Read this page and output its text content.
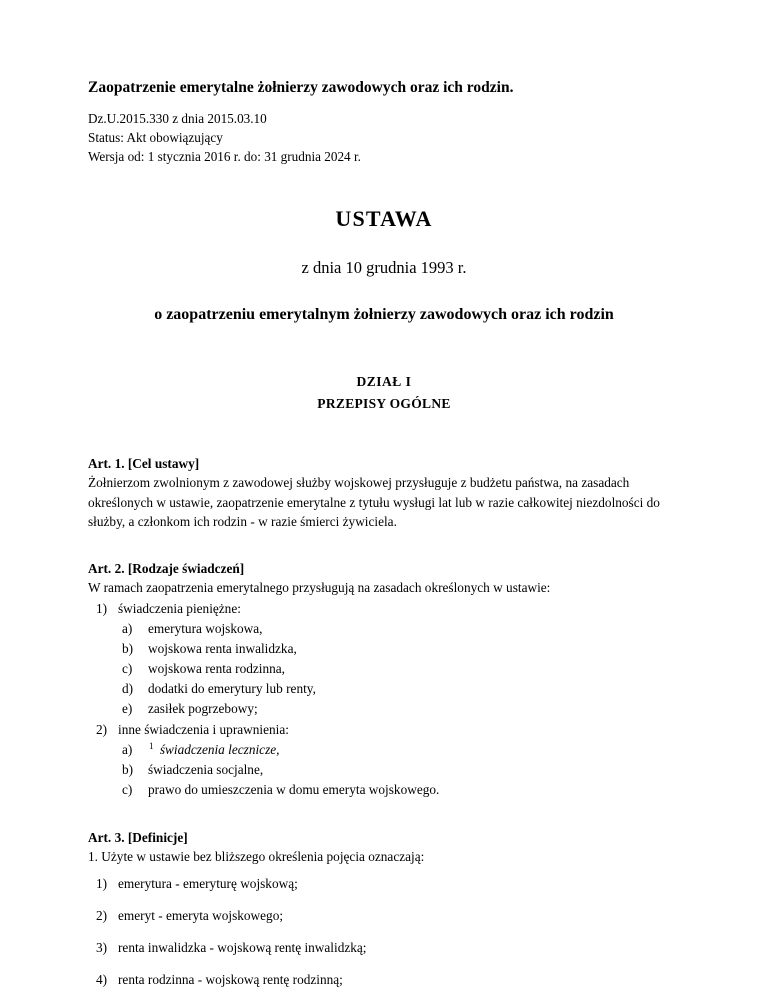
Zaopatrzenie emerytalne żołnierzy zawodowych oraz ich rodzin.
Dz.U.2015.330 z dnia 2015.03.10
Status: Akt obowiązujący
Wersja od: 1 stycznia 2016 r. do: 31 grudnia 2024 r.
USTAWA
z dnia 10 grudnia 1993 r.
o zaopatrzeniu emerytalnym żołnierzy zawodowych oraz ich rodzin
DZIAŁ I
PRZEPISY OGÓLNE
Art. 1. [Cel ustawy]

Żołnierzom zwolnionym z zawodowej służby wojskowej przysługuje z budżetu państwa, na zasadach określonych w ustawie, zaopatrzenie emerytalne z tytułu wysługi lat lub w razie całkowitej niezdolności do służby, a członkom ich rodzin - w razie śmierci żywiciela.

Art. 2. [Rodzaje świadczeń]

W ramach zaopatrzenia emerytalnego przysługują na zasadach określonych w ustawie:

1) świadczenia pieniężne:
a) emerytura wojskowa,
b) wojskowa renta inwalidzka,
c) wojskowa renta rodzinna,
d) dodatki do emerytury lub renty,
e) zasiłek pogrzebowy;
2) inne świadczenia i uprawnienia:
a) $^1$ świadczenia lecznicze,
b) świadczenia socjalne,
c) prawo do umieszczenia w domu emeryta wojskowego.
Art. 3. [Definicje]

1. Użyte w ustawie bez bliższego określenia pojęcia oznaczają:

1) emerytura - emeryturę wojskową;
2) emeryt - emeryta wojskowego;
3) renta inwalidzka - wojskową rentę inwalidzką;
4) renta rodzinna - wojskową rentę rodzinną;
